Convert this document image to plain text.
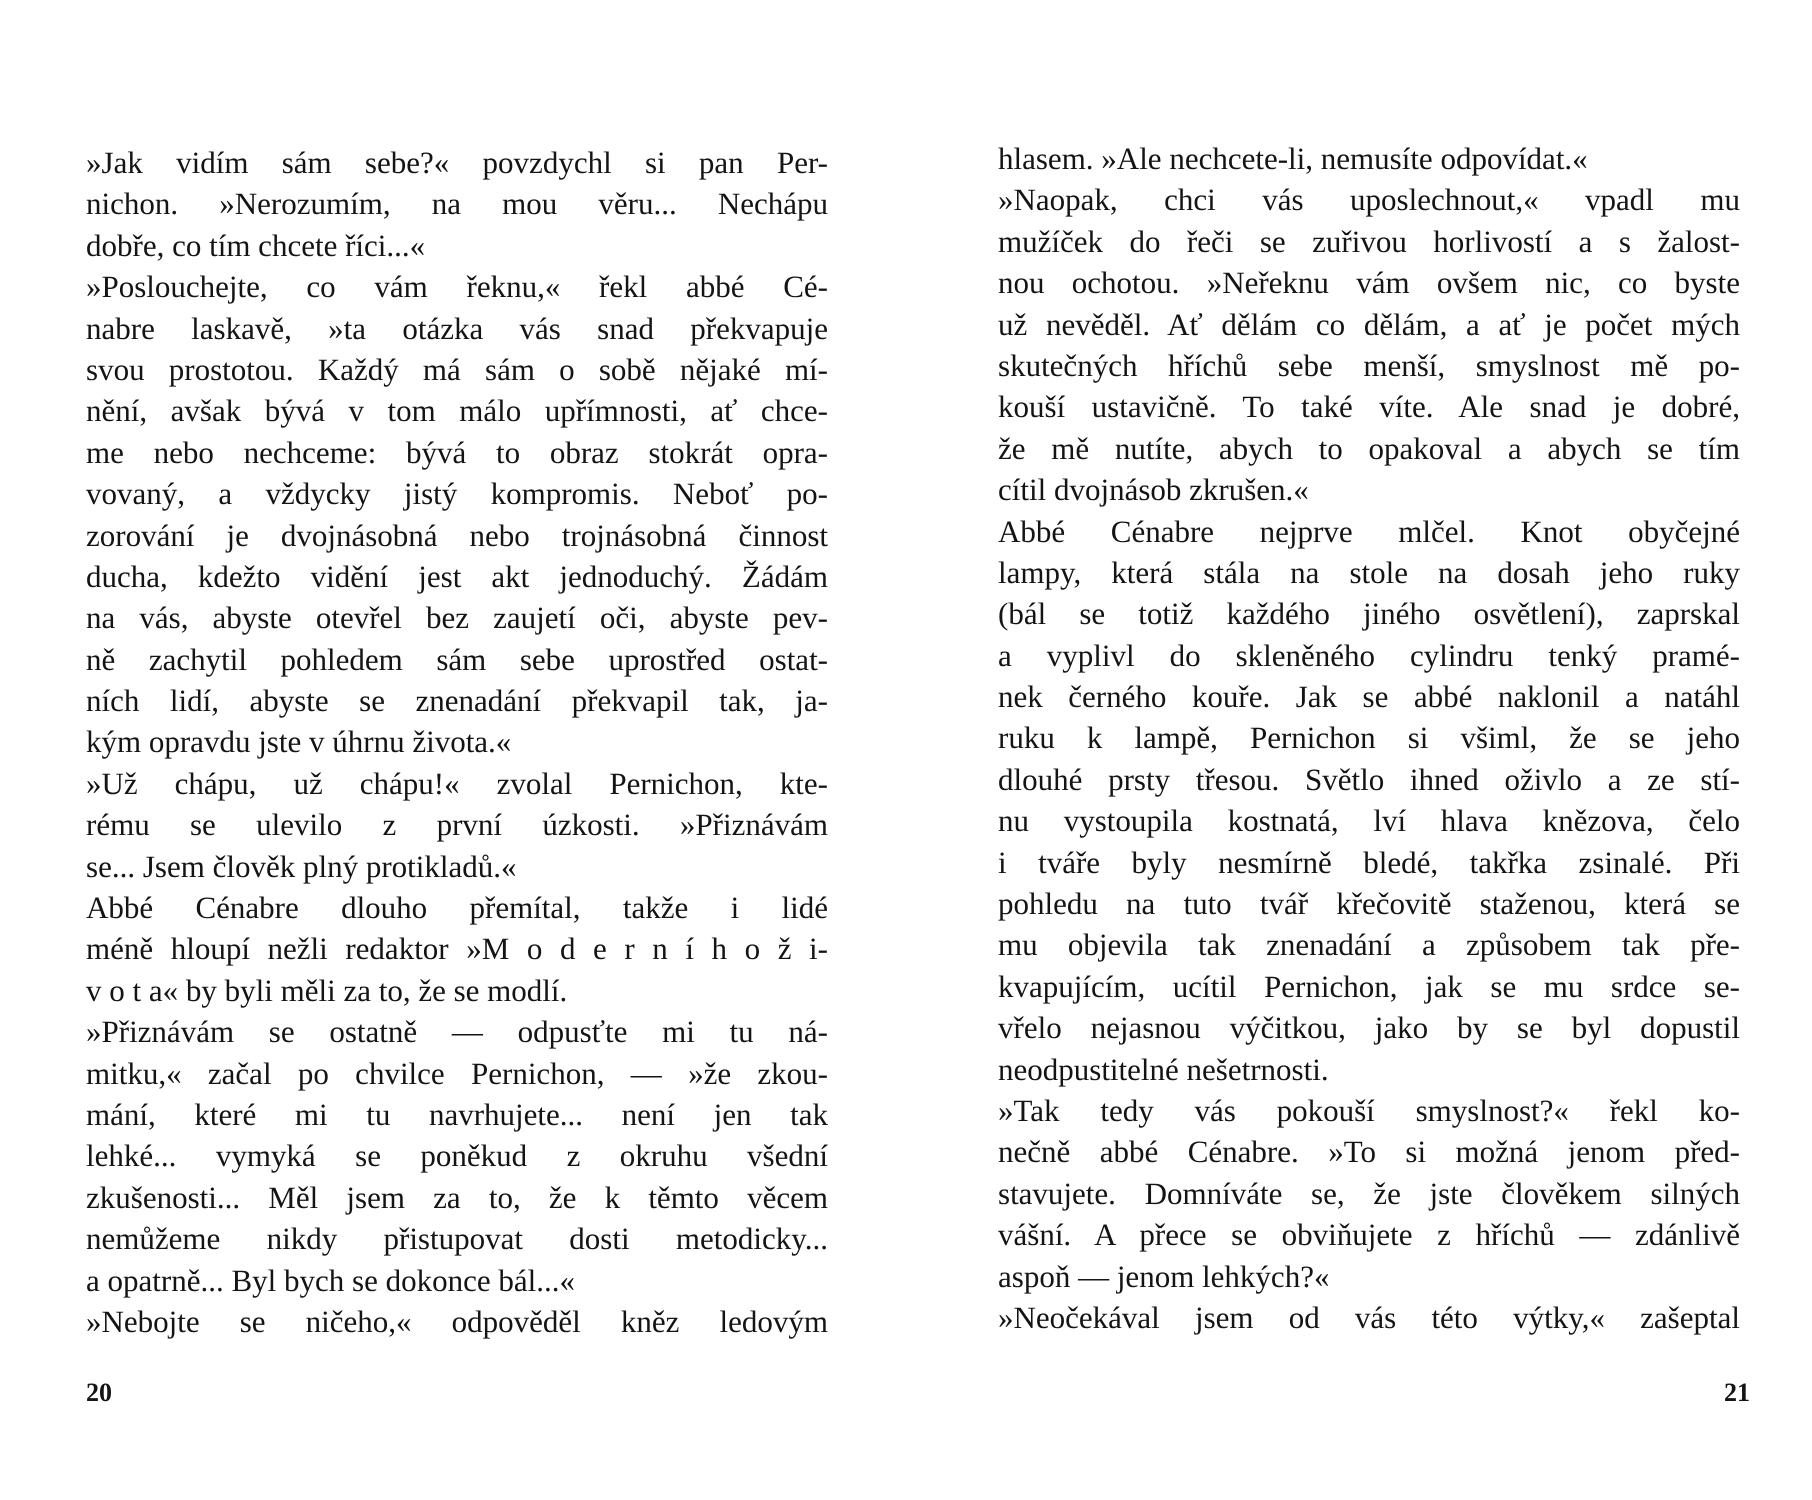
»Jak vidím sám sebe?« povzdychl si pan Per-
nichon. »Nerozumím, na mou věru... Nechápu
dobře, co tím chcete říci...«
»Poslouchejte, co vám řeknu,« řekl abbé Cé-
nabre laskavě, »ta otázka vás snad překvapuje
svou prostotou. Každý má sám o sobě nějaké mí-
nění, avšak bývá v tom málo upřímnosti, ať chce-
me nebo nechceme: bývá to obraz stokrát opra-
vovaný, a vždycky jistý kompromis. Neboť po-
zorování je dvojnásobná nebo trojnásobná činnost
ducha, kdežto vidění jest akt jednoduchý. Žádám
na vás, abyste otevřel bez zaujetí oči, abyste pev-
ně zachytil pohledem sám sebe uprostřed ostat-
ních lidí, abyste se znenadání překvapil tak, ja-
kým opravdu jste v úhrnu života.«
»Už chápu, už chápu!« zvolal Pernichon, kte-
rému se ulevilo z první úzkosti. »Přiznávám
se... Jsem člověk plný protikladů.«
Abbé Cénabre dlouho přemítal, takže i lidé
méně hloupí nežli redaktor »M o d e r n í h o ž i-
v o t a« by byli měli za to, že se modlí.
»Přiznávám se ostatně — odpusťte mi tu ná-
mitku,« začal po chvilce Pernichon, — »že zkou-
mání, které mi tu navrhujete... není jen tak
lehké... vymyká se poněkud z okruhu všední
zkušenosti... Měl jsem za to, že k těmto věcem
nemůžeme nikdy přistupovat dosti metodicky...
a opatrně... Byl bych se dokonce bál...«
»Nebojte se ničeho,« odpověděl kněz ledovým
20
hlasem. »Ale nechcete-li, nemusíte odpovídat.«
»Naopak, chci vás uposlechnout,« vpadl mu
mužíček do řeči se zuřivou horlivostí a s žalost-
nou ochotou. »Neřeknu vám ovšem nic, co byste
už nevěděl. Ať dělám co dělám, a ať je počet mých
skutečných hříchů sebe menší, smyslnost mě po-
kouší ustavičně. To také víte. Ale snad je dobré,
že mě nutíte, abych to opakoval a abych se tím
cítil dvojnásob zkrušen.«
Abbé Cénabre nejprve mlčel. Knot obyčejné
lampy, která stála na stole na dosah jeho ruky
(bál se totiž každého jiného osvětlení), zaprskal
a vyplivl do skleněného cylindru tenký pramé-
nek černého kouře. Jak se abbé naklonil a natáhl
ruku k lampě, Pernichon si všiml, že se jeho
dlouhé prsty třesou. Světlo ihned oživlo a ze stí-
nu vystoupila kostnatá, lví hlava knězova, čelo
i tváře byly nesmírně bledé, takřka zsinalé. Při
pohledu na tuto tvář křečovitě staženou, která se
mu objevila tak znenadání a způsobem tak pře-
kvapujícím, ucítil Pernichon, jak se mu srdce se-
vřelo nejasnou výčitkou, jako by se byl dopustil
neodpustitelné nešetrnosti.
»Tak tedy vás pokouší smyslnost?« řekl ko-
nečně abbé Cénabre. »To si možná jenom před-
stavujete. Domníváte se, že jste člověkem silných
vášní. A přece se obviňujete z hříchů — zdánlivě
aspoň — jenom lehkých?«
»Neočekával jsem od vás této výtky,« zašeptal
21
